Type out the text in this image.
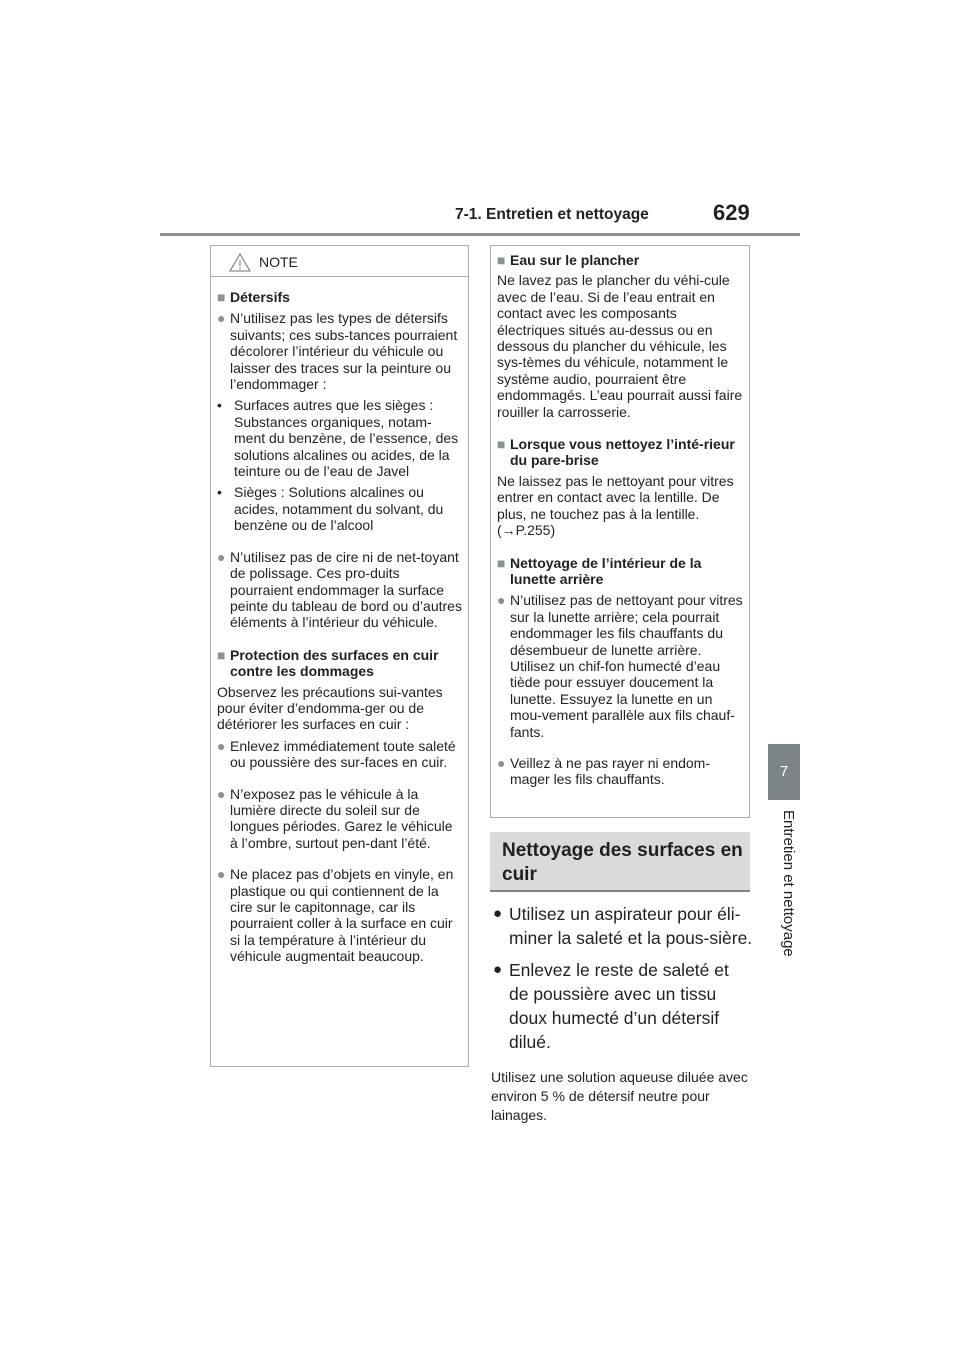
7-1. Entretien et nettoyage	629
7
Entretien et nettoyage
NOTE
■ Détersifs
● N’utilisez pas les types de détersifs suivants; ces subs-tances pourraient décolorer l’intérieur du véhicule ou laisser des traces sur la peinture ou l’endommager :
• Surfaces autres que les sièges :
Substances organiques, notam-ment du benzène, de l’essence, des solutions alcalines ou acides, de la teinture ou de l’eau de Javel
• Sièges : Solutions alcalines ou
acides, notamment du solvant, du benzène ou de l’alcool
● N’utilisez pas de cire ni de net-toyant de polissage. Ces pro-duits pourraient endommager la surface peinte du tableau de bord ou d’autres éléments à l’intérieur du véhicule.
■ Protection des surfaces en cuir contre les dommages
Observez les précautions sui-vantes pour éviter d’endomma-ger ou de détériorer les surfaces en cuir :
● Enlevez immédiatement toute saleté ou poussière des sur-faces en cuir.
● N’exposez pas le véhicule à la lumière directe du soleil sur de longues périodes. Garez le véhicule à l’ombre, surtout pen-dant l’été.
● Ne placez pas d’objets en vinyle, en plastique ou qui contiennent de la cire sur le capitonnage, car ils pourraient coller à la surface en cuir si la température à l’intérieur du véhicule augmentait beaucoup.
■ Eau sur le plancher
Ne lavez pas le plancher du véhi-cule avec de l’eau. Si de l’eau entrait en contact avec les composants électriques situés au-dessus ou en dessous du plancher du véhicule, les sys-tèmes du véhicule, notamment le système audio, pourraient être endommagés. L’eau pourrait aussi faire rouiller la carrosserie.
■ Lorsque vous nettoyez l’inté-rieur du pare-brise
Ne laissez pas le nettoyant pour vitres entrer en contact avec la lentille. De plus, ne touchez pas à la lentille. (→P.255)
■ Nettoyage de l’intérieur de la lunette arrière
● N’utilisez pas de nettoyant pour vitres sur la lunette arrière; cela pourrait endommager les fils chauffants du désembueur de lunette arrière. Utilisez un chif-fon humecté d’eau tiède pour essuyer doucement la lunette. Essuyez la lunette en un mou-vement parallèle aux fils chauf-fants.
● Veillez à ne pas rayer ni endom-mager les fils chauffants.
Nettoyage des surfaces en cuir
● Utilisez un aspirateur pour éli-miner la saleté et la pous-sière.
● Enlevez le reste de saleté et de poussière avec un tissu doux humecté d’un détersif dilué.
Utilisez une solution aqueuse diluée avec environ 5 % de détersif neutre pour lainages.
